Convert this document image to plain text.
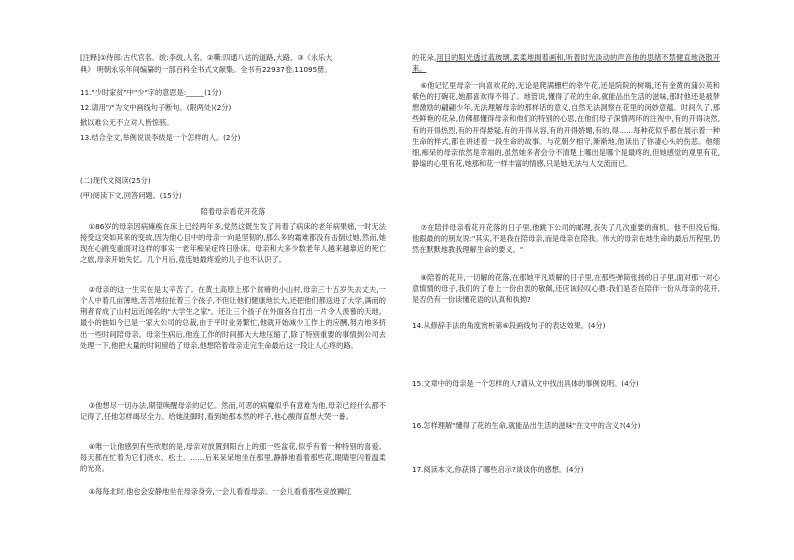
[注释]①侍郎:古代官名。绂:李绂,人名。②嘶:四通八达的道路,大路。③《永乐大

典》 明朝永乐年间编纂的一部百科全书式文献集。全书有22937卷,11095册。

11."少时家贫"中"少"字的意思是:_____(1分)

12.请用"/"为文中画线句子断句。(限两处)(2分)

掀以难公无不立对人皆惊骇。

13.结合全文,举例说说李绂是一个怎样的人。(2分)

(二)现代文阅读(25分)

(甲)阅读下文,回答问题。(15分)

陪着母亲看花开花落

①86岁的母亲因病瘫痪在床上已经两年多,党然这既生发了肖着了病床的老年病果痛,一时无法接受这突如其来的变故,因为他心目中的母亲一向是坚韧的,那么多的霜难都没有击倒过她,然而,她现在心跳变重面对这样的事实一老年痴呆症终日卧床。母亲和大多少数老年人越来越靠近的死亡之旅,母亲开始失忆。几个月后,竟连她最疼爱的儿子也不认识了。

②母亲的这一生实在是太辛苦了。在黄土高原上那个贫瘠的小山村,母亲三十五岁失去丈夫,一个人中着几亩薄地,苦苦地拉扯着三个孩子,不但让他们健康地长大,还把他们都送进了大学,满而的荆者育成了山村远近闻名的"大学生之家"。还让三个孩子在外面各自打出一片令人羡慕的天地。最小的他如今已是一家大公司的总裁,由于平时业务繁忙,他就开始减少工作上的应酬,努力地多挤出一些时间陪母亲。母亲生病后,他连工作的时间都大大地压缩了,除了特别重要的事情到公司去处理一下,他把大量的时间留给了母亲,他想陪着母亲走完生命最后这一段让人心疼的路。

③他想尽一切办法,期望唤醒母亲的记忆。然而,可恶的病魔似乎有意难为他,母亲已经什么都不记得了,任他怎样竭尽全力。给她洗脚时,看到她那本然的样子,他心酸得直想大哭一番。

④唯一让他感到有些欣慰的是,母亲对放置到阳台上的那一些盆花,似乎有着一种特别的喜爱。每天都在忙着为它们浇水、松土、……后来呆呆地坐在那里,静静地看着那些花,眼睛里闪着温柔的光亮。

⑤每每北时,他也会安静地坐在母亲身旁,一会儿看看母亲。一会儿看看那些竞放狮红

的花朵,用目的阳光透过蓝玻璃,柔柔地拥着画和,听着时光淡动的声音他的思绪不禁健直地浇散开来。

⑥他记忆里母亲一向喜欢花的,无论是爬满栅栏的牵牛花,还是院院的树嗨,还有金黄的蒲公英和紫色的打碗花,她都喜欢得不得了。地管说,懂得了花的生命,就能品出生活的滋味,那时他还是被梦想激励的翩翩少年,无法理解母亲的那样话的意义,自然无法洞察在花里的闵妙意蕴。时间久了,那些鲜艳的花朵,仿佛都懂得母亲和他们的特别的心思,在他们母子深情两环的注视中,有的开得决然,有的开得热烈,有的开得悬疑,有的开得从容,有的开得娇媚,有的,得……每种花似乎都在展示着一种生命的样式,都在讲述着一段生命的故事。与花朝夕相守,渐渐地,他读出了你凄心头的伤悲。他细细,痴呆的母亲依然是幸福的,虽然她多者会分不清楚上哪出是哪个是最疼的,但她感觉的观里有花,静谧的心里有花,她那和花一样丰富的情感,只是她无法与人交流而已。

⑦在陪伴母亲看花开花落的日子里,他跳下公司的邮理,丧失了几次重要的商机。他不但没后悔,他跟最的的朋友说:"其实,不是我在陪母亲,而是母亲在陪我。伟大的母亲在地生命的最后历程里,仍然在默默地教我理解生命的要义。"

⑧陪着的花开,一切解的花落,在那她平凡质解的日子里,在那些弹简张扬的日子里,面对那一对心意慎情的母子,我们的了卷上一份由衷的敬佩,还应该轻叹心鼎:我们是否在陪伴一份从母亲的花开,是否仍有一份读懂花语的认真和执拗?

14.从修辞手法的角度赏析第⑥段画线句子的表达效果。(4分)

15.文章中的母亲是一个怎样的人?请从文中找出具体的事例说明。(4分)

16.怎样理解"懂得了花的生命,就能品出生活的滋味"在文中的含义?(4分)

17.阅读本文,你获得了哪些启示?谈谈你的感想。(4分)
